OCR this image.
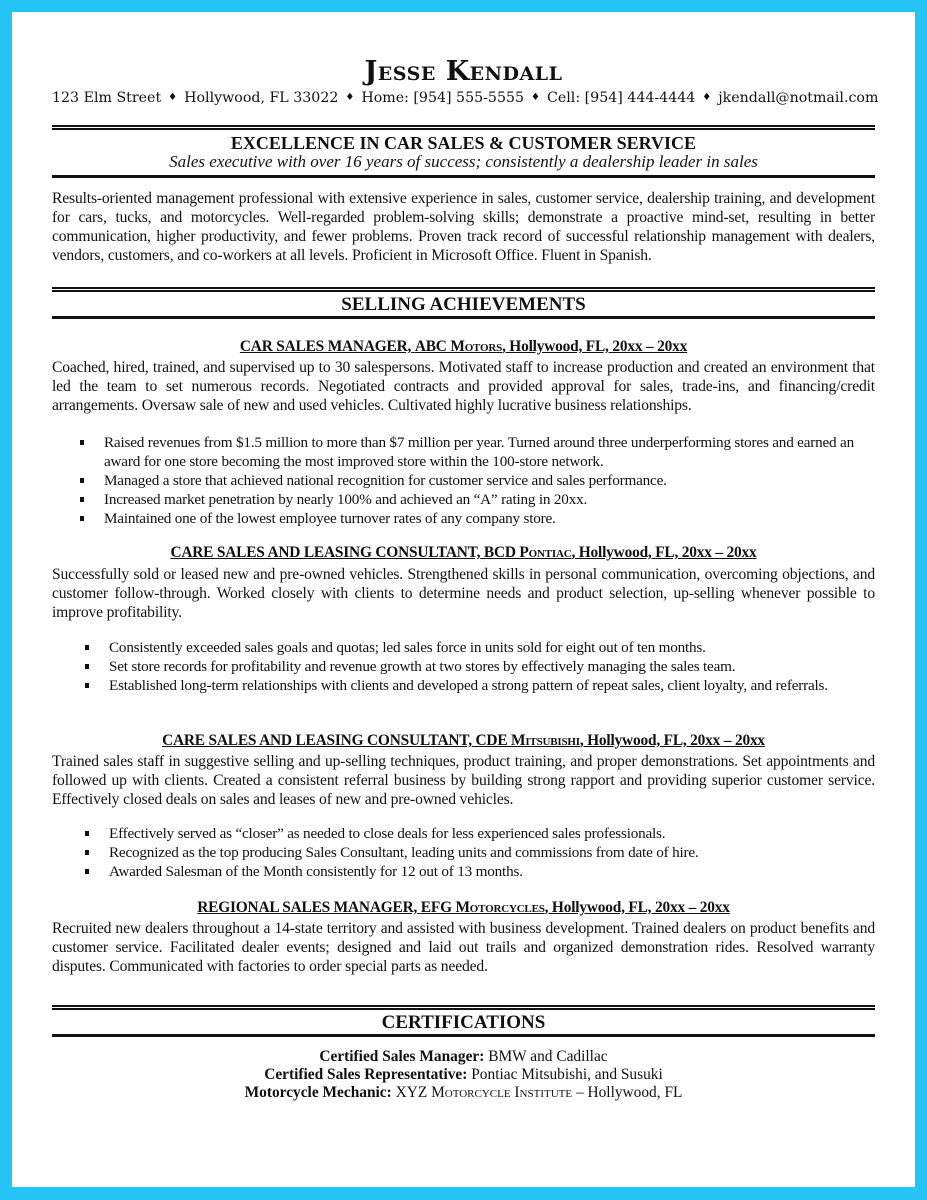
Jesse Kendall
123 Elm Street ♦ Hollywood, FL 33022 ♦ Home: [954] 555-5555 ♦ Cell: [954] 444-4444 ♦ jkendall@notmail.com
EXCELLENCE IN CAR SALES & CUSTOMER SERVICE
Sales executive with over 16 years of success; consistently a dealership leader in sales
Results-oriented management professional with extensive experience in sales, customer service, dealership training, and development for cars, tucks, and motorcycles. Well-regarded problem-solving skills; demonstrate a proactive mind-set, resulting in better communication, higher productivity, and fewer problems. Proven track record of successful relationship management with dealers, vendors, customers, and co-workers at all levels. Proficient in Microsoft Office. Fluent in Spanish.
SELLING ACHIEVEMENTS
CAR SALES MANAGER, ABC Motors, Hollywood, FL, 20xx – 20xx
Coached, hired, trained, and supervised up to 30 salespersons. Motivated staff to increase production and created an environment that led the team to set numerous records. Negotiated contracts and provided approval for sales, trade-ins, and financing/credit arrangements. Oversaw sale of new and used vehicles. Cultivated highly lucrative business relationships.
Raised revenues from $1.5 million to more than $7 million per year. Turned around three underperforming stores and earned an award for one store becoming the most improved store within the 100-store network.
Managed a store that achieved national recognition for customer service and sales performance.
Increased market penetration by nearly 100% and achieved an “A” rating in 20xx.
Maintained one of the lowest employee turnover rates of any company store.
CARE SALES AND LEASING CONSULTANT, BCD Pontiac, Hollywood, FL, 20xx – 20xx
Successfully sold or leased new and pre-owned vehicles. Strengthened skills in personal communication, overcoming objections, and customer follow-through. Worked closely with clients to determine needs and product selection, up-selling whenever possible to improve profitability.
Consistently exceeded sales goals and quotas; led sales force in units sold for eight out of ten months.
Set store records for profitability and revenue growth at two stores by effectively managing the sales team.
Established long-term relationships with clients and developed a strong pattern of repeat sales, client loyalty, and referrals.
CARE SALES AND LEASING CONSULTANT, CDE Mitsubishi, Hollywood, FL, 20xx – 20xx
Trained sales staff in suggestive selling and up-selling techniques, product training, and proper demonstrations. Set appointments and followed up with clients. Created a consistent referral business by building strong rapport and providing superior customer service. Effectively closed deals on sales and leases of new and pre-owned vehicles.
Effectively served as “closer” as needed to close deals for less experienced sales professionals.
Recognized as the top producing Sales Consultant, leading units and commissions from date of hire.
Awarded Salesman of the Month consistently for 12 out of 13 months.
REGIONAL SALES MANAGER, EFG Motorcycles, Hollywood, FL, 20xx – 20xx
Recruited new dealers throughout a 14-state territory and assisted with business development. Trained dealers on product benefits and customer service. Facilitated dealer events; designed and laid out trails and organized demonstration rides. Resolved warranty disputes. Communicated with factories to order special parts as needed.
CERTIFICATIONS
Certified Sales Manager: BMW and Cadillac
Certified Sales Representative: Pontiac Mitsubishi, and Susuki
Motorcycle Mechanic: XYZ Motorcycle Institute – Hollywood, FL
